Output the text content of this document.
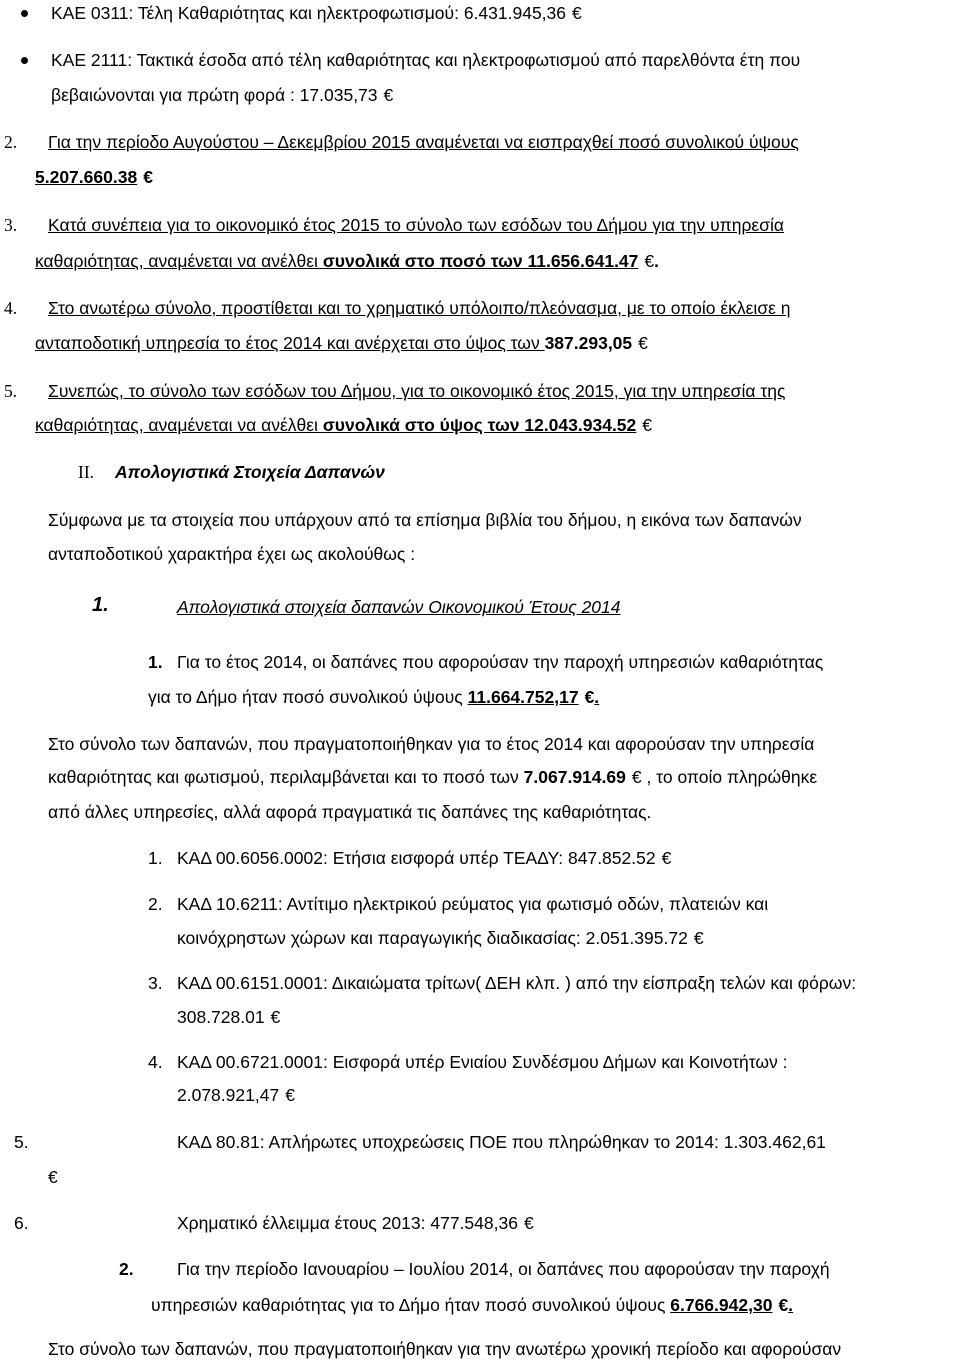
ΚΑΕ 0311: Τέλη Καθαριότητας και ηλεκτροφωτισμού: 6.431.945,36 €
ΚΑΕ 2111: Τακτικά έσοδα από τέλη καθαριότητας και ηλεκτροφωτισμού από παρελθόντα έτη που
βεβαιώνονται για πρώτη φορά : 17.035,73 €
2. Για την περίοδο Αυγούστου – Δεκεμβρίου 2015 αναμένεται να εισπραχθεί ποσό συνολικού ύψους
5.207.660.38 €
3. Κατά συνέπεια για το οικονομικό έτος 2015 το σύνολο των εσόδων του Δήμου για την υπηρεσία
καθαριότητας, αναμένεται να ανέλθει συνολικά στο ποσό των 11.656.641.47 €.
4. Στο ανωτέρω σύνολο, προστίθεται και το χρηματικό υπόλοιπο/πλεόνασμα, με το οποίο έκλεισε η
ανταποδοτική υπηρεσία το έτος 2014 και ανέρχεται στο ύψος των 387.293,05 €
5. Συνεπώς, το σύνολο των εσόδων του Δήμου, για το οικονομικό έτος 2015, για την υπηρεσία της
καθαριότητας, αναμένεται να ανέλθει συνολικά στο ύψος των 12.043.934.52 €
ΙΙ. Απολογιστικά Στοιχεία Δαπανών
Σύμφωνα με τα στοιχεία που υπάρχουν από τα επίσημα βιβλία του δήμου, η εικόνα των δαπανών
ανταποδοτικού χαρακτήρα έχει ως ακολούθως :
1.	Απολογιστικά στοιχεία δαπανών Οικονομικού Έτους 2014
1. Για το έτος 2014, οι δαπάνες που αφορούσαν την παροχή υπηρεσιών καθαριότητας
για το Δήμο ήταν ποσό συνολικού ύψους 11.664.752,17 €.
Στο σύνολο των δαπανών, που πραγματοποιήθηκαν για το έτος 2014 και αφορούσαν την υπηρεσία
καθαριότητας και φωτισμού, περιλαμβάνεται και το ποσό των 7.067.914.69 € , το οποίο πληρώθηκε
από άλλες υπηρεσίες, αλλά αφορά πραγματικά τις δαπάνες της καθαριότητας.
1. ΚΑΔ 00.6056.0002: Ετήσια εισφορά υπέρ ΤΕΑΔΥ: 847.852.52 €
2. ΚΑΔ 10.6211: Αντίτιμο ηλεκτρικού ρεύματος για φωτισμό οδών, πλατειών και
κοινόχρηστων χώρων και παραγωγικής διαδικασίας: 2.051.395.72 €
3. ΚΑΔ 00.6151.0001: Δικαιώματα τρίτων( ΔΕΗ κλπ. ) από την είσπραξη τελών και φόρων:
308.728.01 €
4. ΚΑΔ 00.6721.0001: Εισφορά υπέρ Ενιαίου Συνδέσμου Δήμων και Κοινοτήτων :
2.078.921,47 €
5.	ΚΑΔ 80.81: Απλήρωτες υποχρεώσεις ΠΟΕ που πληρώθηκαν το 2014: 1.303.462,61
€
6.	Χρηματικό έλλειμμα έτους 2013: 477.548,36 €
2. Για την περίοδο Ιανουαρίου – Ιουλίου 2014, οι δαπάνες που αφορούσαν την παροχή
υπηρεσιών καθαριότητας για το Δήμο ήταν ποσό συνολικού ύψους 6.766.942,30 €.
Στο σύνολο των δαπανών, που πραγματοποιήθηκαν για την ανωτέρω χρονική περίοδο και αφορούσαν
